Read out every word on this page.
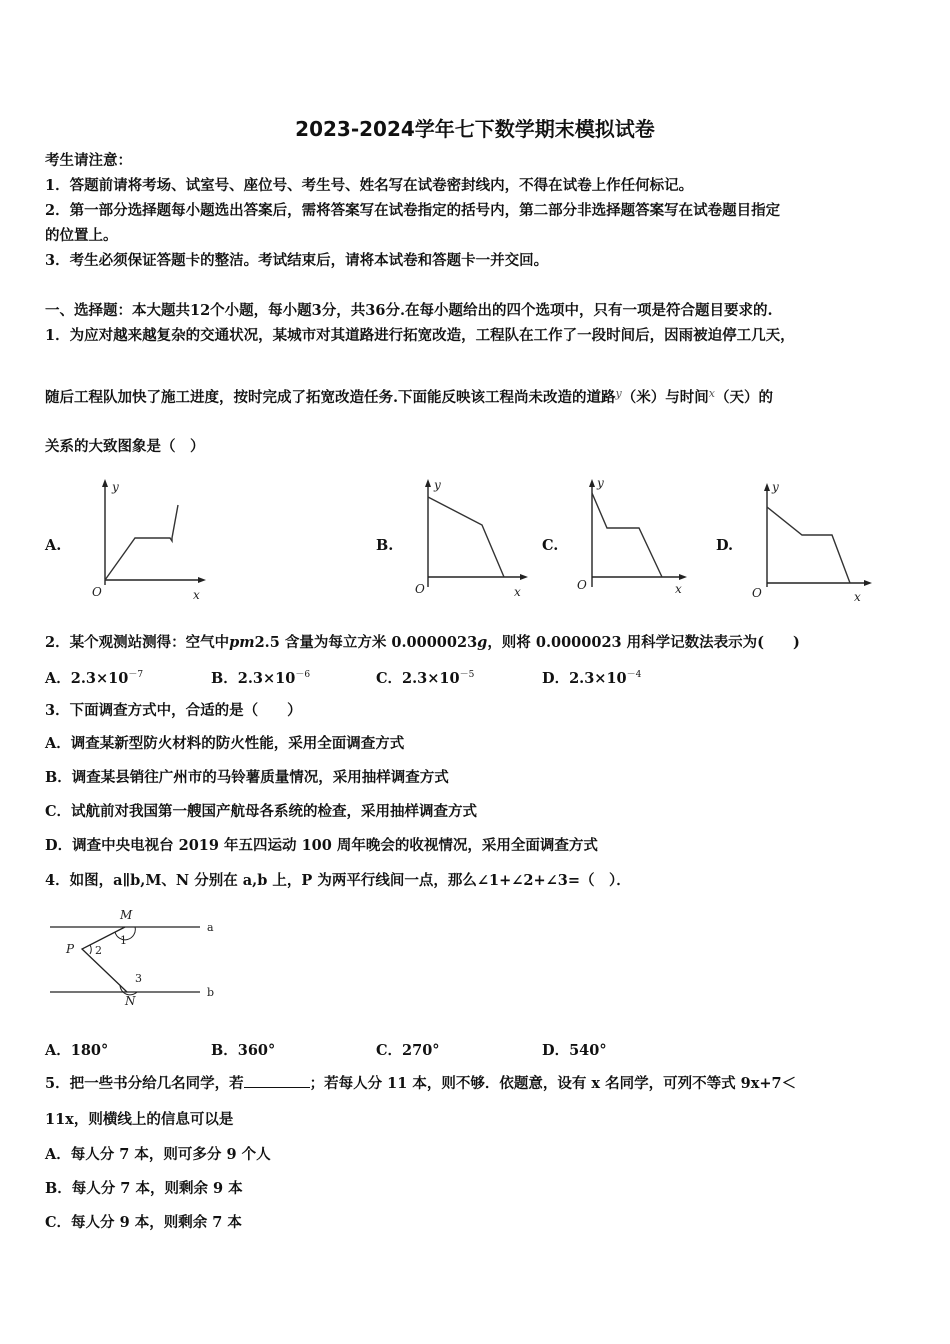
2023-2024学年七下数学期末模拟试卷
考生请注意：
1．答题前请将考场、试室号、座位号、考生号、姓名写在试卷密封线内，不得在试卷上作任何标记。
2．第一部分选择题每小题选出答案后，需将答案写在试卷指定的括号内，第二部分非选择题答案写在试卷题目指定
的位置上。
3．考生必须保证答题卡的整洁。考试结束后，请将本试卷和答题卡一并交回。
一、选择题：本大题共12个小题，每小题3分，共36分.在每小题给出的四个选项中，只有一项是符合题目要求的.
1．为应对越来越复杂的交通状况，某城市对其道路进行拓宽改造，工程队在工作了一段时间后，因雨被迫停工几天，
随后工程队加快了施工进度，按时完成了拓宽改造任务.下面能反映该工程尚未改造的道路$^y$（米）与时间$^x$（天）的
关系的大致图象是（　）
A.
y
O	x
B.
y
O	x
C.
y
O	x
D.
y
O	x
2．某个观测站测得：空气中pm2.5 含量为每立方米 0.0000023g，则将 0.0000023 用科学记数法表示为(　　)
A．$2.3\times 10^{-7}$	B．$2.3\times 10^{-6}$	C．$2.3\times 10^{-5}$	D．$2.3\times 10^{-4}$
3．下面调查方式中，合适的是（　　）
A．调查某新型防火材料的防火性能，采用全面调查方式
B．调查某县销往广州市的马铃薯质量情况，采用抽样调查方式
C．试航前对我国第一艘国产航母各系统的检查，采用抽样调查方式
D．调查中央电视台 2019 年五四运动 100 周年晚会的收视情况，采用全面调查方式
4．如图，a∥b,M、N 分别在 a,b 上，P 为两平行线间一点，那么∠1+∠2+∠3=（　）．
M
P
N
a
b
1
2
3
A．180°	B．360°	C．270°	D．540°
5．把一些书分给几名同学，若	；若每人分 11 本，则不够．依题意，设有 x 名同学，可列不等式 9x+7＜
11x，则横线上的信息可以是
A．每人分 7 本，则可多分 9 个人
B．每人分 7 本，则剩余 9 本
C．每人分 9 本，则剩余 7 本
